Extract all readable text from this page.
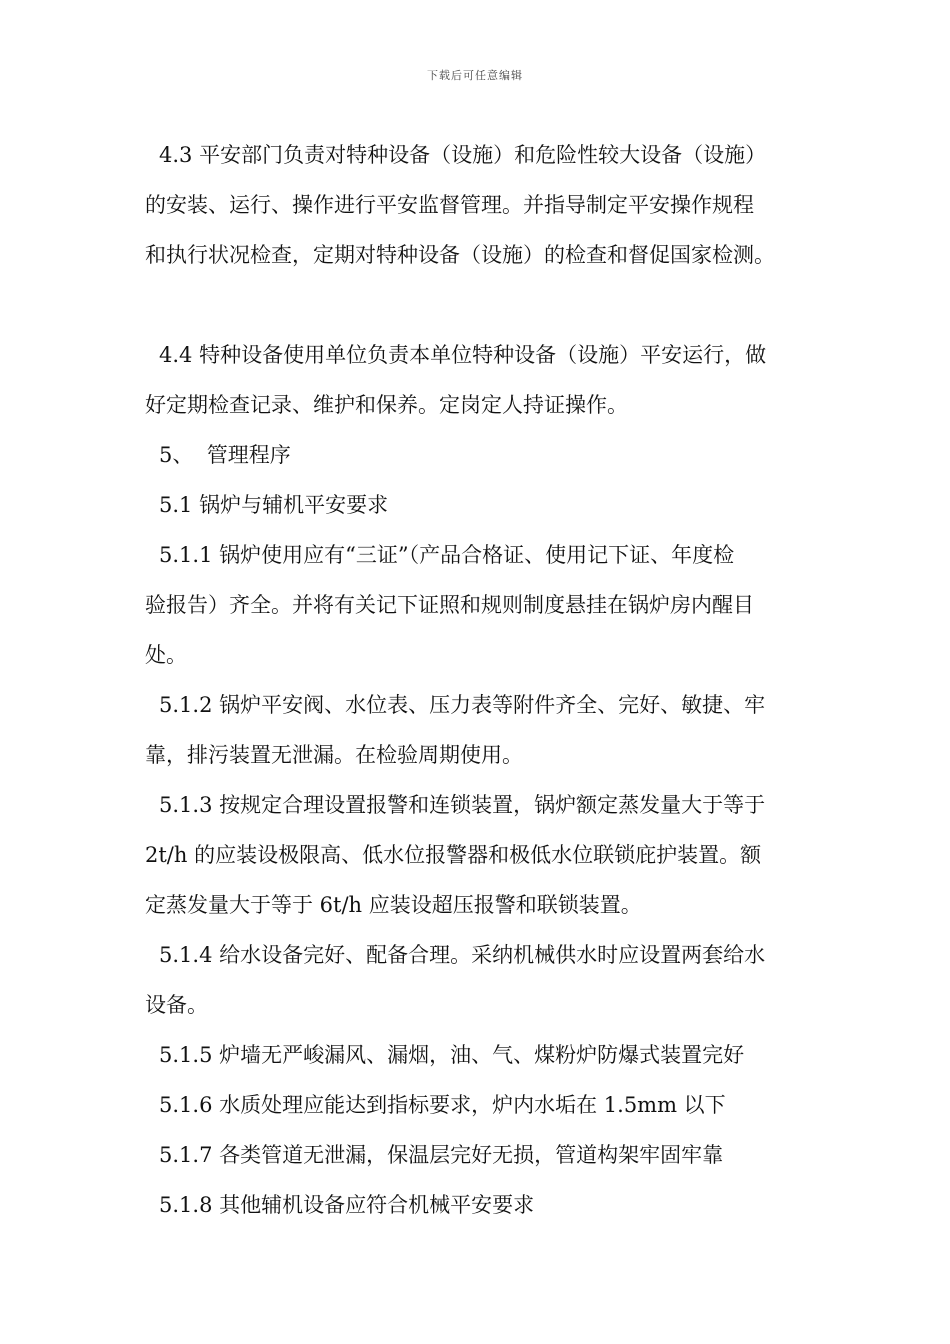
下载后可任意编辑

4.3 平安部门负责对特种设备（设施）和危险性较大设备（设施）
的安装、运行、操作进行平安监督管理。并指导制定平安操作规程
和执行状况检查，定期对特种设备（设施）的检查和督促国家检测。

4.4 特种设备使用单位负责本单位特种设备（设施）平安运行，做
好定期检查记录、维护和保养。定岗定人持证操作。

5、  管理程序

5.1 锅炉与辅机平安要求

5.1.1 锅炉使用应有“三证”（产品合格证、使用记下证、年度检
验报告）齐全。并将有关记下证照和规则制度悬挂在锅炉房内醒目
处。

5.1.2 锅炉平安阀、水位表、压力表等附件齐全、完好、敏捷、牢
靠，排污装置无泄漏。在检验周期使用。

5.1.3 按规定合理设置报警和连锁装置，锅炉额定蒸发量大于等于
2t/h 的应装设极限高、低水位报警器和极低水位联锁庇护装置。额
定蒸发量大于等于 6t/h 应装设超压报警和联锁装置。

5.1.4 给水设备完好、配备合理。采纳机械供水时应设置两套给水
设备。

5.1.5 炉墙无严峻漏风、漏烟，油、气、煤粉炉防爆式装置完好

5.1.6 水质处理应能达到指标要求，炉内水垢在 1.5mm 以下

5.1.7 各类管道无泄漏，保温层完好无损，管道构架牢固牢靠

5.1.8 其他辅机设备应符合机械平安要求
